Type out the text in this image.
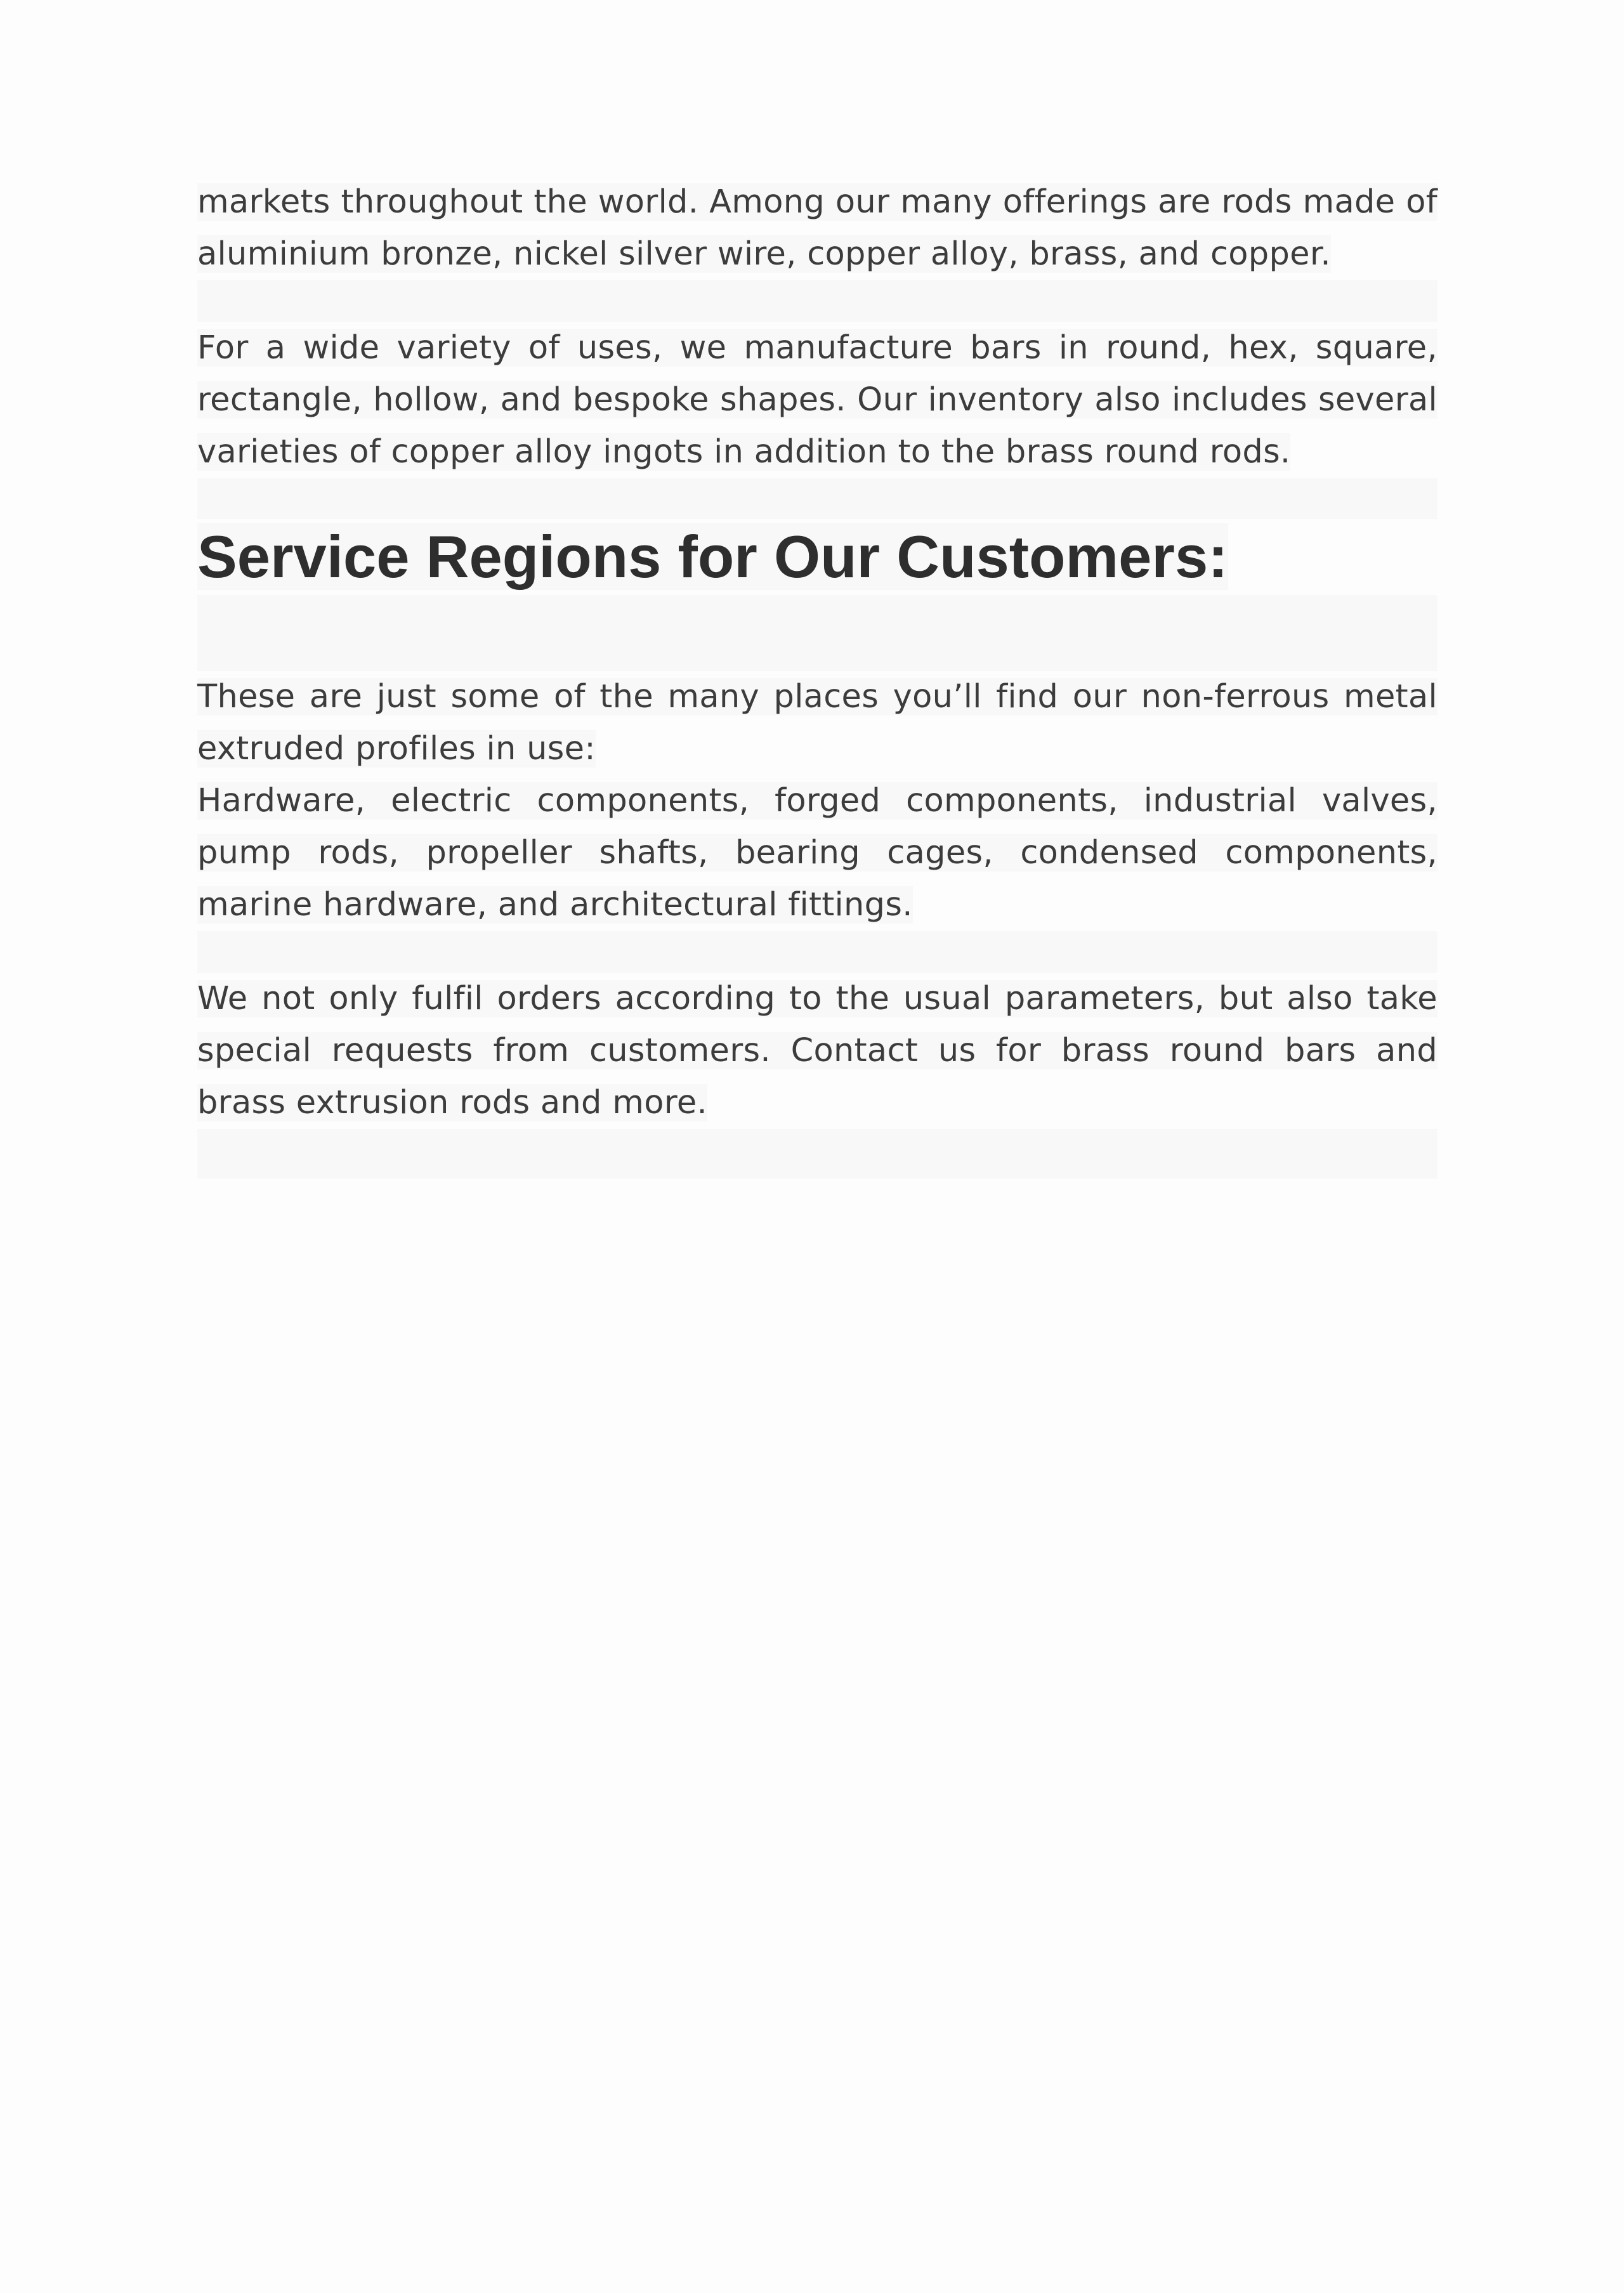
markets throughout the world. Among our many offerings are rods made of aluminium bronze, nickel silver wire, copper alloy, brass, and copper.

For a wide variety of uses, we manufacture bars in round, hex, square, rectangle, hollow, and bespoke shapes. Our inventory also includes several varieties of copper alloy ingots in addition to the brass round rods.

Service Regions for Our Customers:

These are just some of the many places you’ll find our non-ferrous metal extruded profiles in use:

Hardware, electric components, forged components, industrial valves, pump rods, propeller shafts, bearing cages, condensed components, marine hardware, and architectural fittings.

We not only fulfil orders according to the usual parameters, but also take special requests from customers. Contact us for brass round bars and brass extrusion rods and more.
